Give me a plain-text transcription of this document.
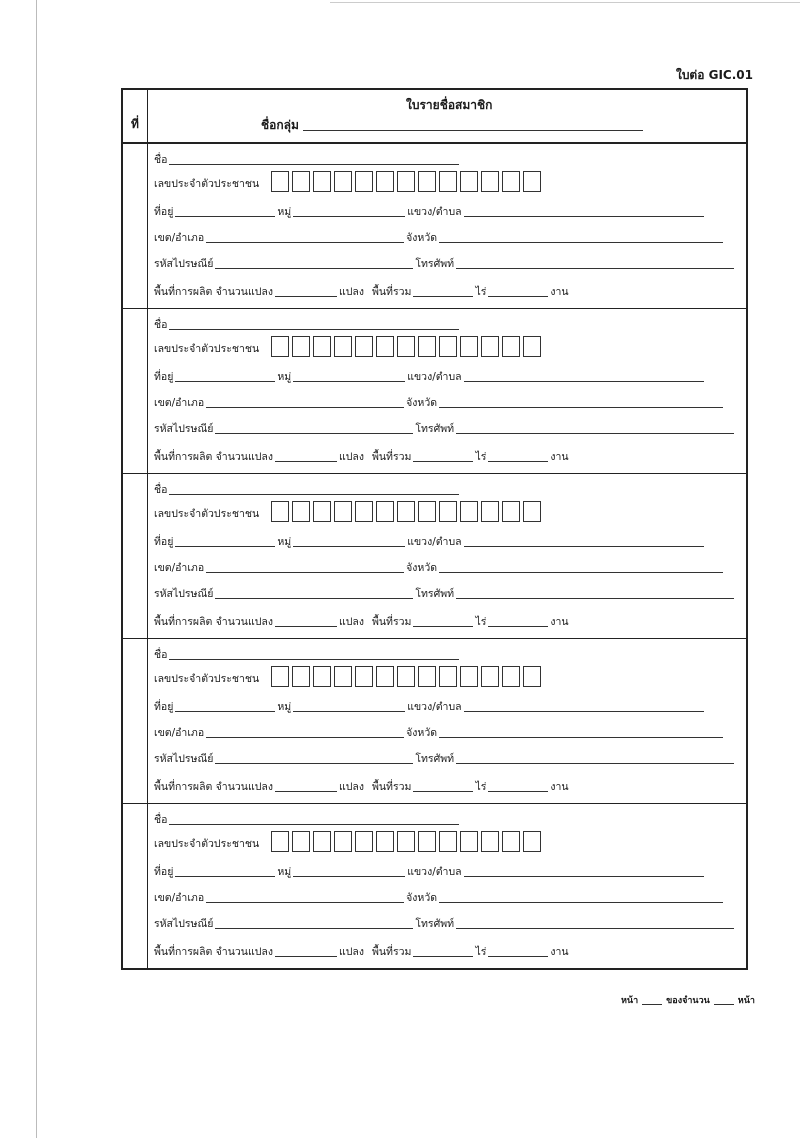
ใบต่อ GIC.01
ที่
ใบรายชื่อสมาชิก
ชื่อกลุ่ม
ชื่อ
เลขประจำตัวประชาชน
ที่อยู่	หมู่	แขวง/ตำบล
เขต/อำเภอ	จังหวัด
รหัสไปรษณีย์	โทรศัพท์
พื้นที่การผลิต จำนวนแปลง	แปลง พื้นที่รวม	ไร่	งาน
ชื่อ
เลขประจำตัวประชาชน
ที่อยู่	หมู่	แขวง/ตำบล
เขต/อำเภอ	จังหวัด
รหัสไปรษณีย์	โทรศัพท์
พื้นที่การผลิต จำนวนแปลง	แปลง พื้นที่รวม	ไร่	งาน
ชื่อ
เลขประจำตัวประชาชน
ที่อยู่	หมู่	แขวง/ตำบล
เขต/อำเภอ	จังหวัด
รหัสไปรษณีย์	โทรศัพท์
พื้นที่การผลิต จำนวนแปลง	แปลง พื้นที่รวม	ไร่	งาน
ชื่อ
เลขประจำตัวประชาชน
ที่อยู่	หมู่	แขวง/ตำบล
เขต/อำเภอ	จังหวัด
รหัสไปรษณีย์	โทรศัพท์
พื้นที่การผลิต จำนวนแปลง	แปลง พื้นที่รวม	ไร่	งาน
ชื่อ
เลขประจำตัวประชาชน
ที่อยู่	หมู่	แขวง/ตำบล
เขต/อำเภอ	จังหวัด
รหัสไปรษณีย์	โทรศัพท์
พื้นที่การผลิต จำนวนแปลง	แปลง พื้นที่รวม	ไร่	งาน
หน้า	ของจำนวน	หน้า
